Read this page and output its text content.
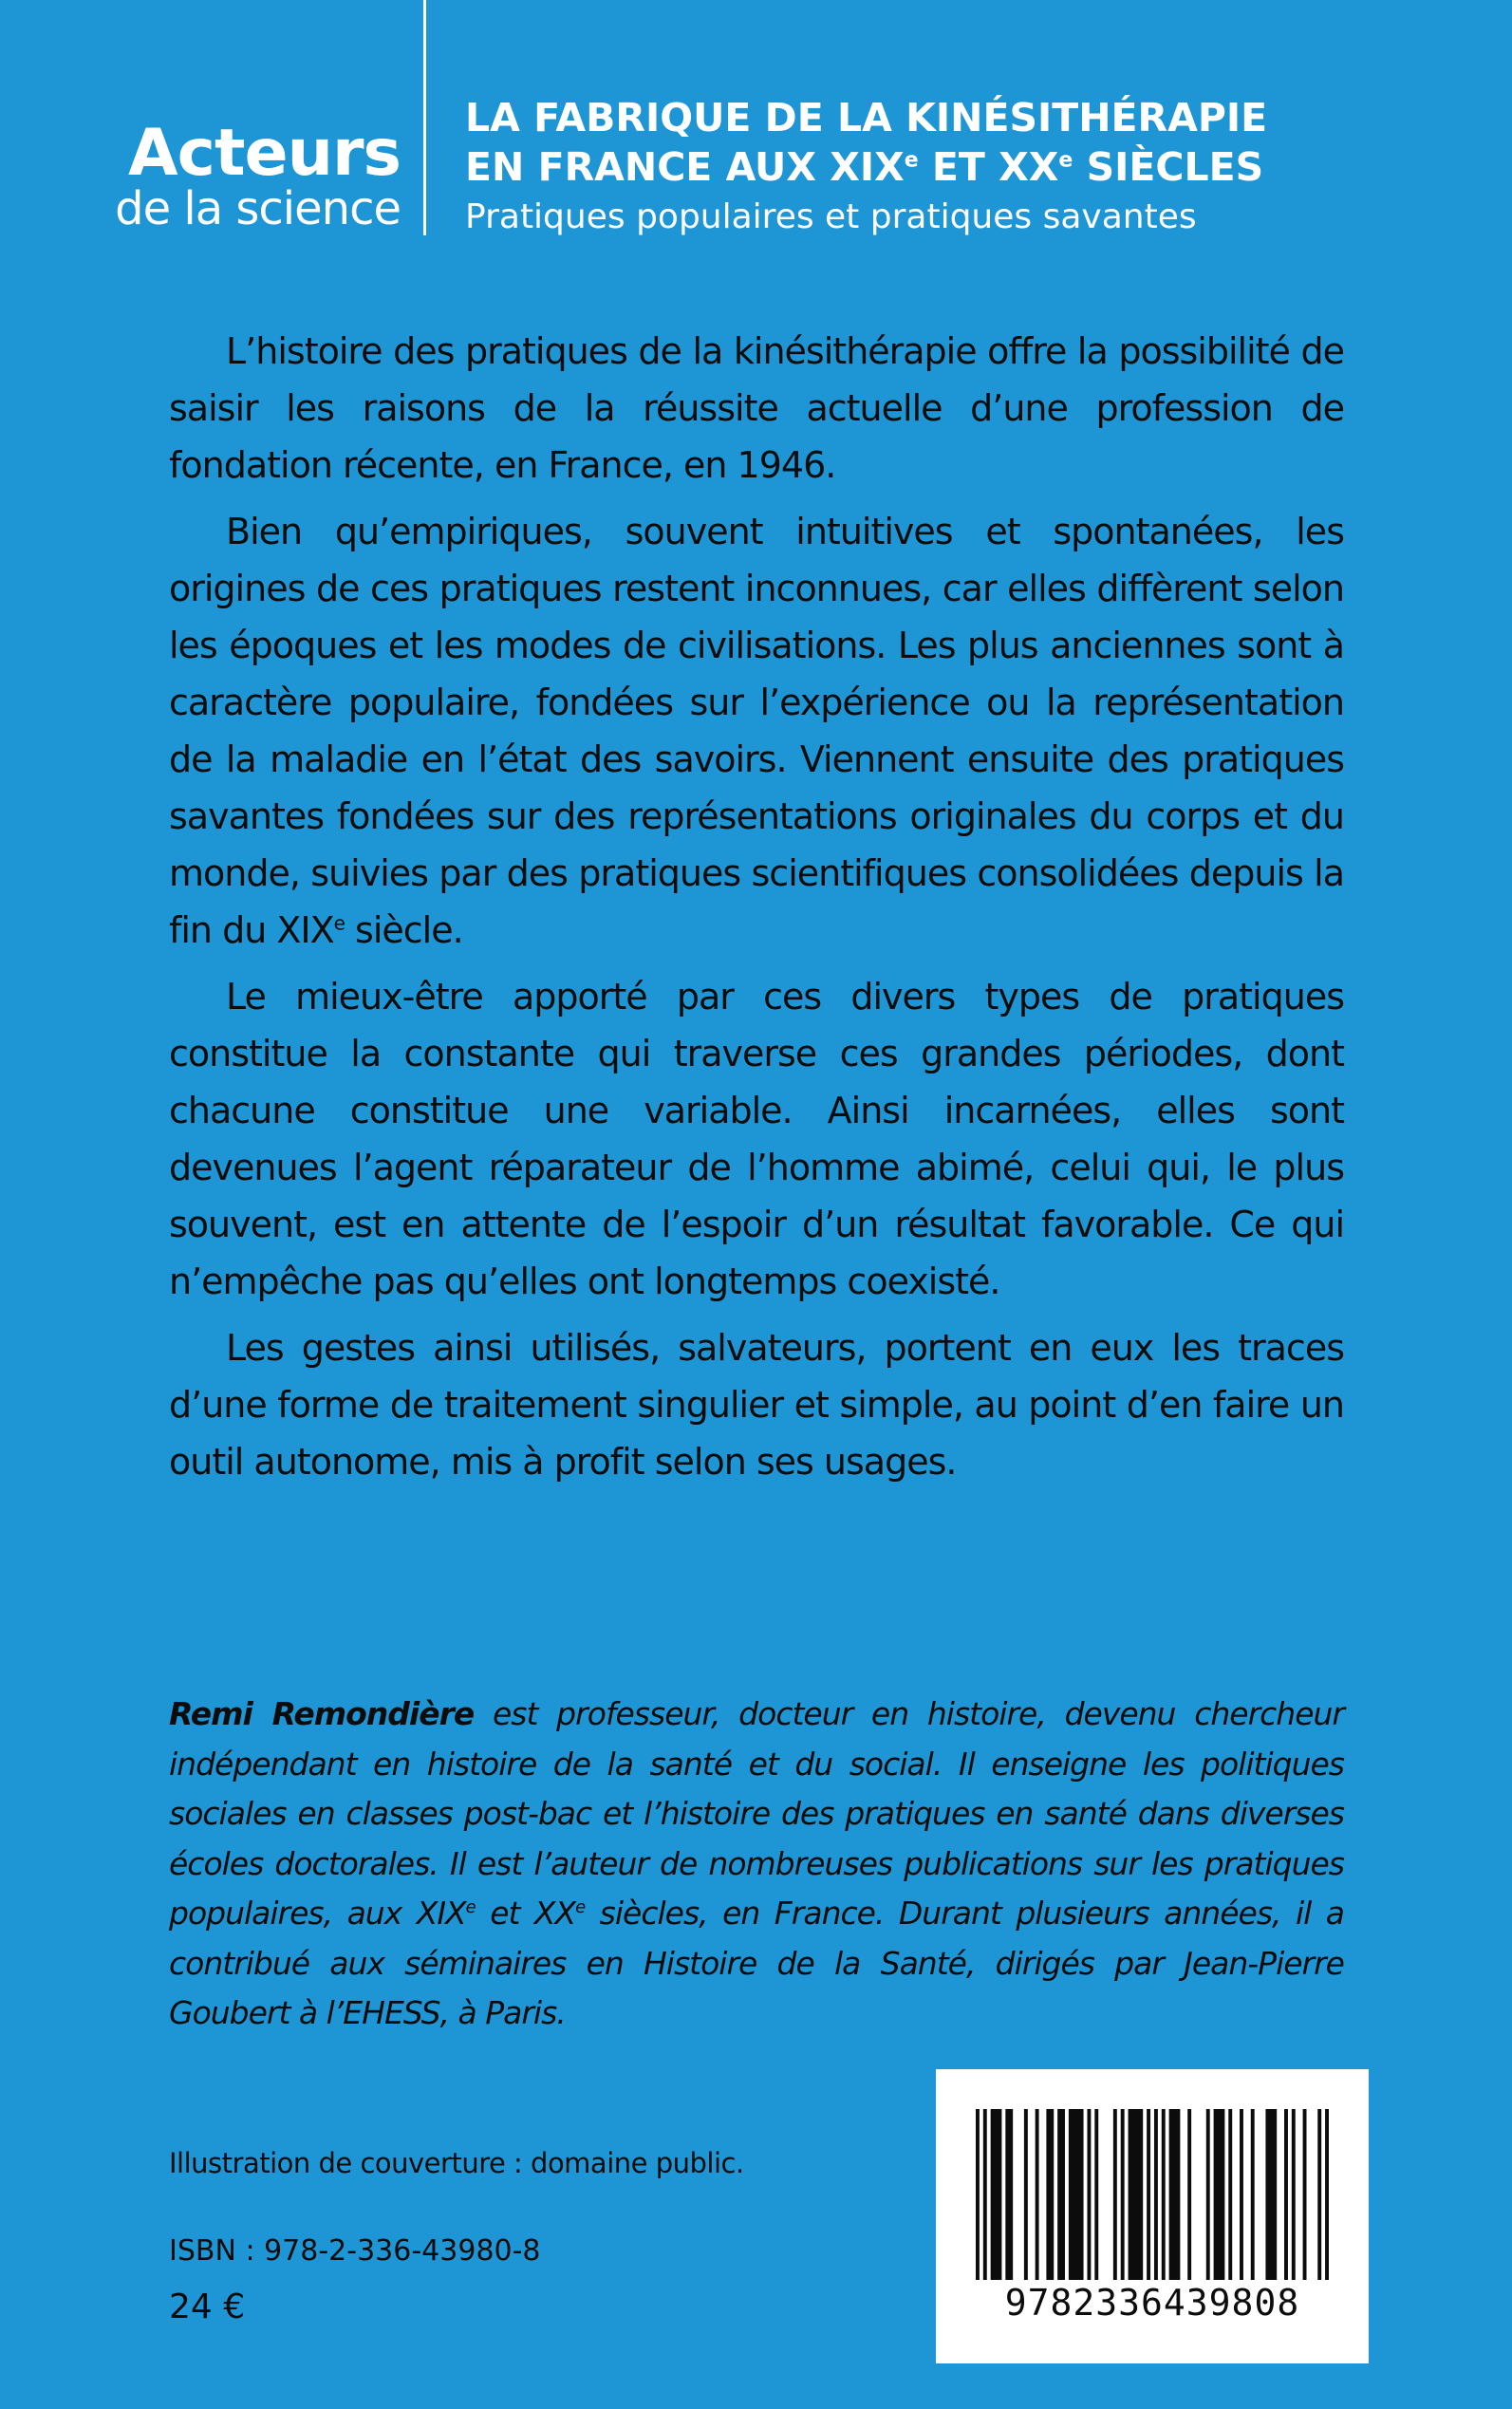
Acteurs
de la science
LA FABRIQUE DE LA KINÉSITHÉRAPIE
EN FRANCE AUX XIXe ET XXe SIÈCLES
Pratiques populaires et pratiques savantes

L’histoire des pratiques de la kinésithérapie offre la possibilité de saisir les raisons de la réussite actuelle d’une profession de fondation récente, en France, en 1946.

Bien qu’empiriques, souvent intuitives et spontanées, les origines de ces pratiques restent inconnues, car elles diffèrent selon les époques et les modes de civilisations. Les plus anciennes sont à caractère populaire, fondées sur l’expérience ou la représentation de la maladie en l’état des savoirs. Viennent ensuite des pratiques savantes fondées sur des représentations originales du corps et du monde, suivies par des pratiques scientifiques consolidées depuis la fin du XIXe siècle.

Le mieux-être apporté par ces divers types de pratiques constitue la constante qui traverse ces grandes périodes, dont chacune constitue une variable. Ainsi incarnées, elles sont devenues l’agent réparateur de l’homme abimé, celui qui, le plus souvent, est en attente de l’espoir d’un résultat favorable. Ce qui n’empêche pas qu’elles ont longtemps coexisté.

Les gestes ainsi utilisés, salvateurs, portent en eux les traces d’une forme de traitement singulier et simple, au point d’en faire un outil autonome, mis à profit selon ses usages.

Remi Remondière est professeur, docteur en histoire, devenu chercheur indépendant en histoire de la santé et du social. Il enseigne les politiques sociales en classes post-bac et l’histoire des pratiques en santé dans diverses écoles doctorales. Il est l’auteur de nombreuses publications sur les pratiques populaires, aux XIXe et XXe siècles, en France. Durant plusieurs années, il a contribué aux séminaires en Histoire de la Santé, dirigés par Jean-Pierre Goubert à l’EHESS, à Paris.
Illustration de couverture : domaine public.
ISBN : 978-2-336-43980-8
24 €	9782336439808
